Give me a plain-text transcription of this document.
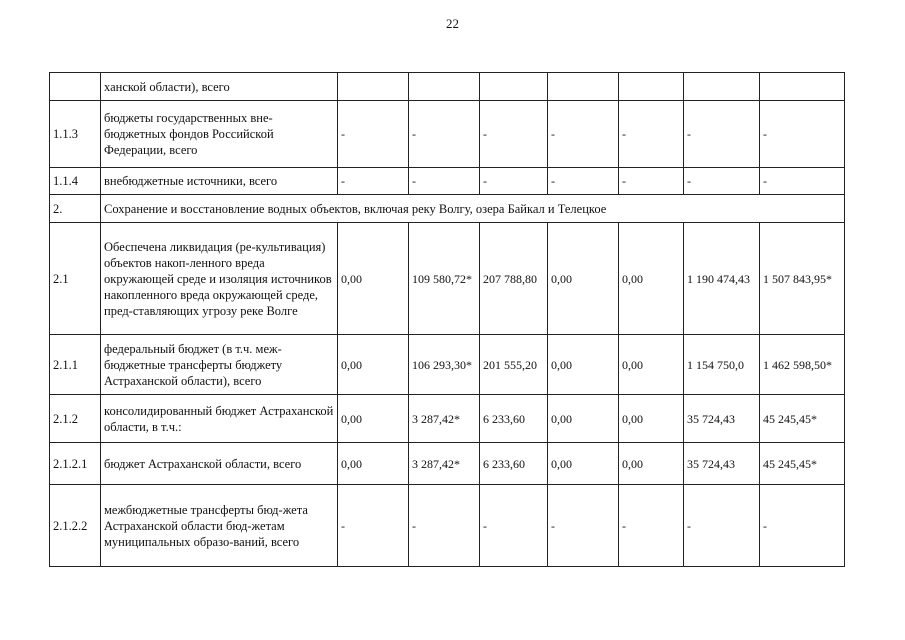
22
	ханской области), всего							
1.1.3	бюджеты государственных вне-бюджетных фондов Российской Федерации, всего	-	-	-	-	-	-	-
1.1.4	внебюджетные источники, всего	-	-	-	-	-	-	-
2.	Сохранение и восстановление водных объектов, включая реку Волгу, озера Байкал и Телецкое							
2.1	Обеспечена ликвидация (ре-культивация) объектов накоп-ленного вреда окружающей среде и изоляция источников накопленного вреда окружающей среде, пред-ставляющих угрозу реке Волге	0,00	109 580,72*	207 788,80	0,00	0,00	1 190 474,43	1 507 843,95*
2.1.1	федеральный бюджет (в т.ч. меж-бюджетные трансферты бюджету Астраханской области), всего	0,00	106 293,30*	201 555,20	0,00	0,00	1 154 750,0	1 462 598,50*
2.1.2	консолидированный бюджет Астраханской области, в т.ч.:	0,00	3 287,42*	6 233,60	0,00	0,00	35 724,43	45 245,45*
2.1.2.1	бюджет Астраханской области, всего	0,00	3 287,42*	6 233,60	0,00	0,00	35 724,43	45 245,45*
2.1.2.2	межбюджетные трансферты бюд-жета Астраханской области бюд-жетам муниципальных образо-ваний, всего	-	-	-	-	-	-	-
